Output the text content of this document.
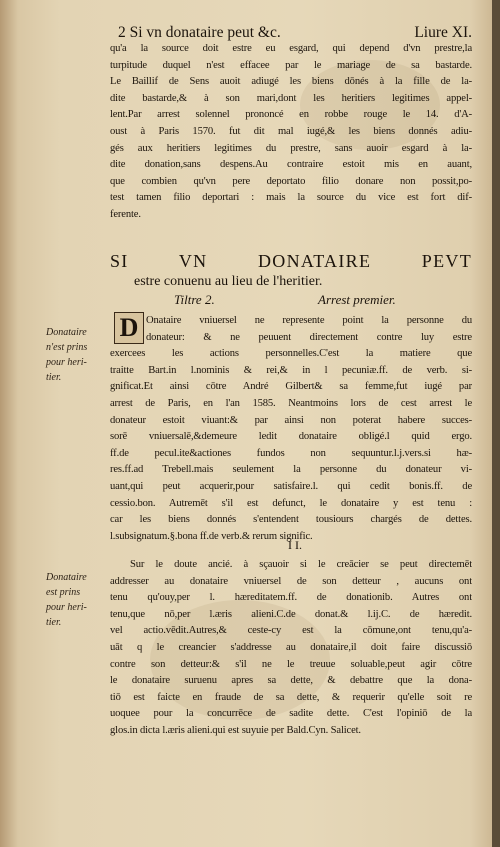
2 Si vn donataire peut &c.	Liure XI.
qu'a la source doit estre eu esgard, qui depend d'vn prestre,la
turpitude duquel n'est effacee par le mariage de sa bastarde.
Le Baillif de Sens auoit adiugé les biens dōnés à la fille de la-
dite bastarde,& à son mari,dont les heritiers legitimes appel-
lent.Par arrest solennel prononcé en robbe rouge le 14. d'A-
oust à Paris 1570. fut dit mal iugé,& les biens donnés adiu-
gés aux heritiers legitimes du prestre, sans auoir esgard à la-
dite donation,sans despens.Au contraire estoit mis en auant,
que combien qu'vn pere deportato filio donare non possit,po-
test tamen filio deportari : mais la source du vice est fort dif-
ferente.
SI VN DONATAIRE PEVT
estre conuenu au lieu de l'heritier.
Tiltre 2.	Arrest premier.
D Onataire vniuersel ne represente point la personne du
donateur: & ne peuuent directement contre luy estre
exercees les actions personnelles.C'est la matiere que
traitte Bart.in l.nominis & rei,& in l pecuniæ.ff. de verb. si-
gnificat.Et ainsi cōtre André Gilbert& sa femme,fut iugé par
arrest de Paris, en l'an 1585. Neantmoins lors de cest arrest le
donateur estoit viuant:& par ainsi non poterat habere succes-
sorē vniuersalē,&demeure ledit donataire obligé.l quid ergo.
ff.de pecul.ite&actiones fundos non sequuntur.l.j.vers.si hæ-
res.ff.ad Trebell.mais seulement la personne du donateur vi-
uant,qui peut acquerir,pour satisfaire.l. qui cedit bonis.ff. de
cessio.bon. Autremēt s'il est defunct, le donataire y est tenu :
car les biens donnés s'entendent tousiours chargés de dettes.
l.subsignatum.§.bona ff.de verb.& rerum signific.
I I.
Sur le doute ancié. à sçauoir si le creācier se peut directemēt
addresser au donataire vniuersel de son detteur , aucuns ont
tenu qu'ouy,per l. hæreditatem.ff. de donationib. Autres ont
tenu,que nō,per l.æris alieni.C.de donat.& l.ij.C. de hæredit.
vel actio.vēdit.Autres,& ceste-cy est la cōmune,ont tenu,qu'a-
uāt q le creancier s'addresse au donataire,il doit faire discussiō
contre son detteur:& s'il ne le treuue soluable,peut agir cōtre
le donataire suruenu apres sa dette, & debattre que la dona-
tiō est faicte en fraude de sa dette, & requerir qu'elle soit re
uoquee pour la concurrēce de sadite dette. C'est l'opiniō de la
glos.in dicta l.æris alieni.qui est suyuie per Bald.Cyn. Salicet.
Donataire
n'est prins
pour heri-
tier.
Donataire
est prins
pour heri-
tier.
